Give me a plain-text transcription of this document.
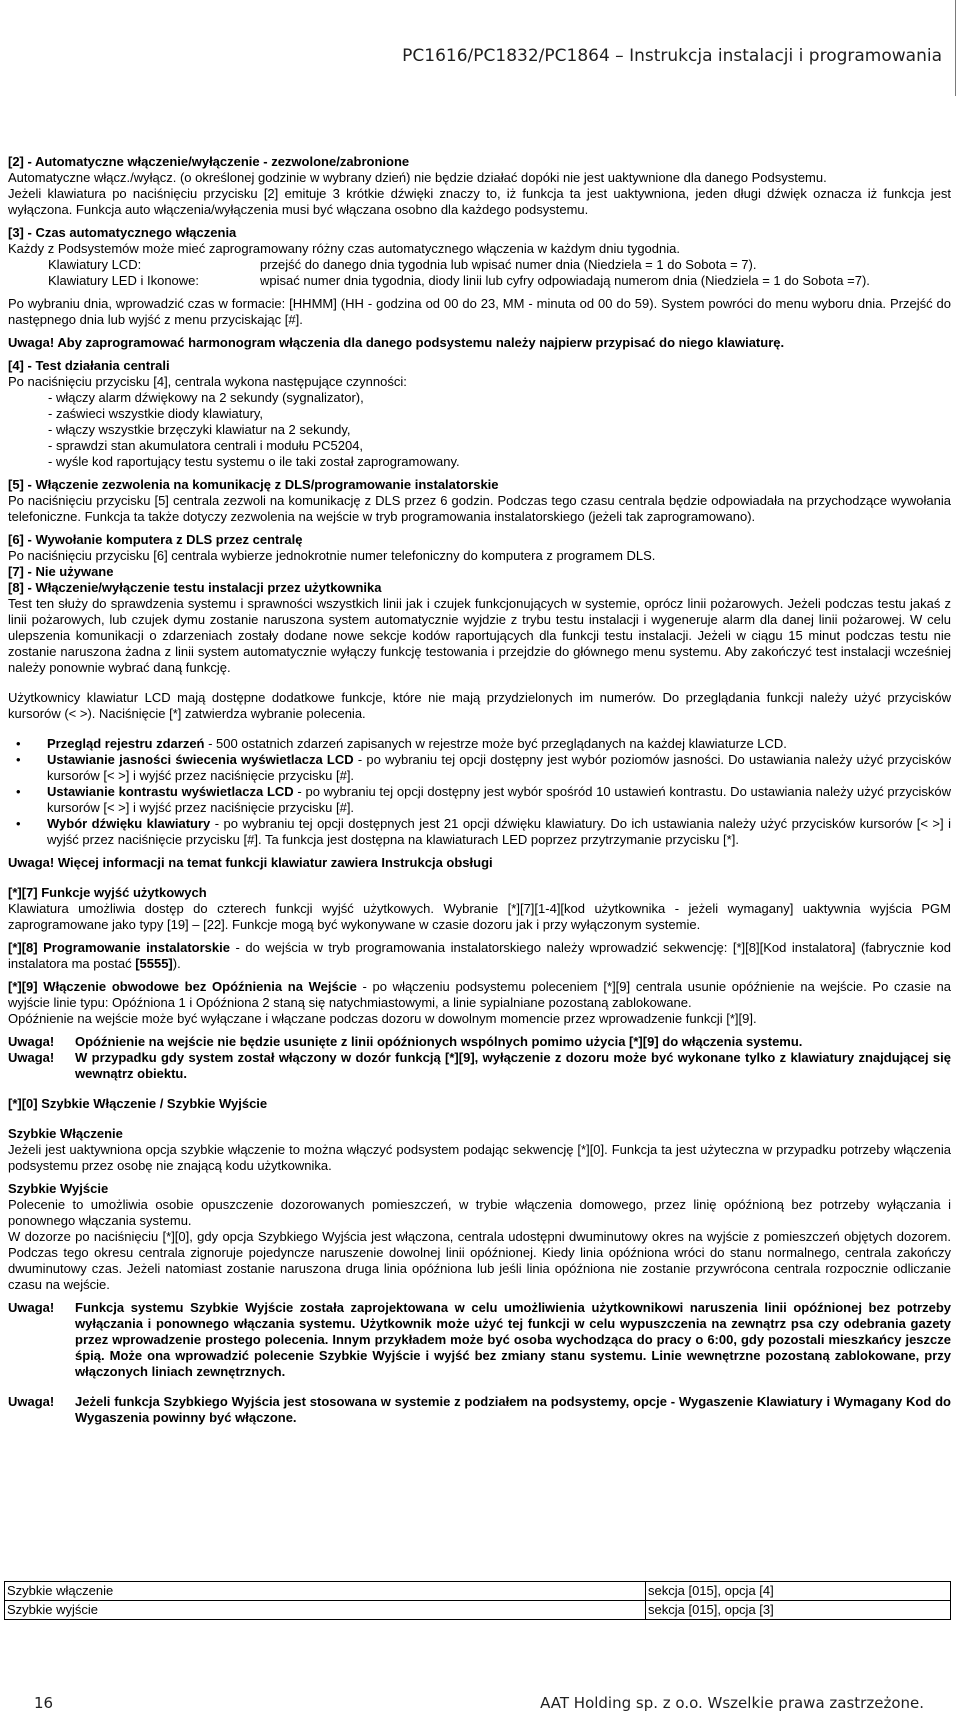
PC1616/PC1832/PC1864 – Instrukcja instalacji i programowania

[2] - Automatyczne włączenie/wyłączenie - zezwolone/zabronione

Automatyczne włącz./wyłącz. (o określonej godzinie w wybrany dzień) nie będzie działać dopóki nie jest uaktywnione dla danego Podsystemu.

Jeżeli klawiatura po naciśnięciu przycisku [2] emituje 3 krótkie dźwięki znaczy to, iż funkcja ta jest uaktywniona, jeden długi dźwięk oznacza iż funkcja jest wyłączona. Funkcja auto włączenia/wyłączenia musi być włączana osobno dla każdego podsystemu.

[3] - Czas automatycznego włączenia

Każdy z Podsystemów może mieć zaprogramowany różny czas automatycznego włączenia w każdym dniu tygodnia.

Klawiatury LCD:	przejść do danego dnia tygodnia lub wpisać numer dnia (Niedziela = 1 do Sobota = 7).
Klawiatury LED i Ikonowe:	wpisać numer dnia tygodnia, diody linii lub cyfry odpowiadają numerom dnia (Niedziela = 1 do Sobota =7).

Po wybraniu dnia, wprowadzić czas w formacie: [HHMM] (HH - godzina od 00 do 23, MM - minuta od 00 do 59). System powróci do menu wyboru dnia. Przejść do następnego dnia lub wyjść z menu przyciskając [#].

Uwaga! Aby zaprogramować harmonogram włączenia dla danego podsystemu należy najpierw przypisać do niego klawiaturę.

[4] - Test działania centrali

Po naciśnięciu przycisku [4], centrala wykona następujące czynności:

- włączy alarm dźwiękowy na 2 sekundy (sygnalizator),

- zaświeci wszystkie diody klawiatury,

- włączy wszystkie brzęczyki klawiatur na 2 sekundy,

- sprawdzi stan akumulatora centrali i modułu PC5204,

- wyśle kod raportujący testu systemu o ile taki został zaprogramowany.

[5] - Włączenie zezwolenia na komunikację z DLS/programowanie instalatorskie

Po naciśnięciu przycisku [5] centrala zezwoli na komunikację z DLS przez 6 godzin. Podczas tego czasu centrala będzie odpowiadała na przychodzące wywołania telefoniczne. Funkcja ta także dotyczy zezwolenia na wejście w tryb programowania instalatorskiego (jeżeli tak zaprogramowano).

[6] - Wywołanie komputera z DLS przez centralę

Po naciśnięciu przycisku [6] centrala wybierze jednokrotnie numer telefoniczny do komputera z programem DLS.

[7] - Nie używane

[8] - Włączenie/wyłączenie testu instalacji przez użytkownika

Test ten służy do sprawdzenia systemu i sprawności wszystkich linii jak i czujek funkcjonujących w systemie, oprócz linii pożarowych. Jeżeli podczas testu jakaś z linii pożarowych, lub czujek dymu zostanie naruszona system automatycznie wyjdzie z trybu testu instalacji i wygeneruje alarm dla danej linii pożarowej. W celu ulepszenia komunikacji o zdarzeniach zostały dodane nowe sekcje kodów raportujących dla funkcji testu instalacji. Jeżeli w ciągu 15 minut podczas testu nie zostanie naruszona żadna z linii system automatycznie wyłączy funkcję testowania i przejdzie do głównego menu systemu. Aby zakończyć test instalacji wcześniej należy ponownie wybrać daną funkcję.

Użytkownicy klawiatur LCD mają dostępne dodatkowe funkcje, które nie mają przydzielonych im numerów. Do przeglądania funkcji należy użyć przycisków kursorów (< >). Naciśnięcie [*] zatwierdza wybranie polecenia.

• Przegląd rejestru zdarzeń - 500 ostatnich zdarzeń zapisanych w rejestrze może być przeglądanych na każdej klawiaturze LCD.
• Ustawianie jasności świecenia wyświetlacza LCD - po wybraniu tej opcji dostępny jest wybór poziomów jasności. Do ustawiania należy użyć przycisków kursorów [< >] i wyjść przez naciśnięcie przycisku [#].
• Ustawianie kontrastu wyświetlacza LCD - po wybraniu tej opcji dostępny jest wybór spośród 10 ustawień kontrastu. Do ustawiania należy użyć przycisków kursorów [< >] i wyjść przez naciśnięcie przycisku [#].
• Wybór dźwięku klawiatury - po wybraniu tej opcji dostępnych jest 21 opcji dźwięku klawiatury. Do ich ustawiania należy użyć przycisków kursorów [< >] i wyjść przez naciśnięcie przycisku [#]. Ta funkcja jest dostępna na klawiaturach LED poprzez przytrzymanie przycisku [*].

Uwaga! Więcej informacji na temat funkcji klawiatur zawiera Instrukcja obsługi

[*][7] Funkcje wyjść użytkowych

Klawiatura umożliwia dostęp do czterech funkcji wyjść użytkowych. Wybranie [*][7][1-4][kod użytkownika - jeżeli wymagany] uaktywnia wyjścia PGM zaprogramowane jako typy [19] – [22]. Funkcje mogą być wykonywane w czasie dozoru jak i przy wyłączonym systemie.

[*][8] Programowanie instalatorskie - do wejścia w tryb programowania instalatorskiego należy wprowadzić sekwencję: [*][8][Kod instalatora] (fabrycznie kod instalatora ma postać [5555]).

[*][9] Włączenie obwodowe bez Opóźnienia na Wejście - po włączeniu podsystemu poleceniem [*][9] centrala usunie opóźnienie na wejście. Po czasie na wyjście linie typu: Opóźniona 1 i Opóźniona 2 staną się natychmiastowymi, a linie sypialniane pozostaną zablokowane.

Opóźnienie na wejście może być wyłączane i włączane podczas dozoru w dowolnym momencie przez wprowadzenie funkcji [*][9].

Uwaga!	Opóźnienie na wejście nie będzie usunięte z linii opóźnionych wspólnych pomimo użycia [*][9] do włączenia systemu.
Uwaga!	W przypadku gdy system został włączony w dozór funkcją [*][9], wyłączenie z dozoru może być wykonane tylko z klawiatury znajdującej się wewnątrz obiektu.

[*][0] Szybkie Włączenie / Szybkie Wyjście

Szybkie Włączenie

Jeżeli jest uaktywniona opcja szybkie włączenie to można włączyć podsystem podając sekwencję [*][0]. Funkcja ta jest użyteczna w przypadku potrzeby włączenia podsystemu przez osobę nie znającą kodu użytkownika.

Szybkie Wyjście

Polecenie to umożliwia osobie opuszczenie dozorowanych pomieszczeń, w trybie włączenia domowego, przez linię opóźnioną bez potrzeby wyłączania i ponownego włączania systemu.

W dozorze po naciśnięciu [*][0], gdy opcja Szybkiego Wyjścia jest włączona, centrala udostępni dwuminutowy okres na wyjście z pomieszczeń objętych dozorem. Podczas tego okresu centrala zignoruje pojedyncze naruszenie dowolnej linii opóźnionej. Kiedy linia opóźniona wróci do stanu normalnego, centrala zakończy dwuminutowy czas. Jeżeli natomiast zostanie naruszona druga linia opóźniona lub jeśli linia opóźniona nie zostanie przywrócona centrala rozpocznie odliczanie czasu na wejście.

Uwaga!	Funkcja systemu Szybkie Wyjście została zaprojektowana w celu umożliwienia użytkownikowi naruszenia linii opóźnionej bez potrzeby wyłączania i ponownego włączania systemu. Użytkownik może użyć tej funkcji w celu wypuszczenia na zewnątrz psa czy odebrania gazety przez wprowadzenie prostego polecenia. Innym przykładem może być osoba wychodząca do pracy o 6:00, gdy pozostali mieszkańcy jeszcze śpią. Może ona wprowadzić polecenie Szybkie Wyjście i wyjść bez zmiany stanu systemu. Linie wewnętrzne pozostaną zablokowane, przy włączonych liniach zewnętrznych.
Uwaga!	Jeżeli funkcja Szybkiego Wyjścia jest stosowana w systemie z podziałem na podsystemy, opcje - Wygaszenie Klawiatury i Wymagany Kod do Wygaszenia powinny być włączone.
Szybkie włączenie	sekcja [015], opcja [4]
Szybkie wyjście	sekcja [015], opcja [3]
16	AAT Holding sp. z o.o. Wszelkie prawa zastrzeżone.
